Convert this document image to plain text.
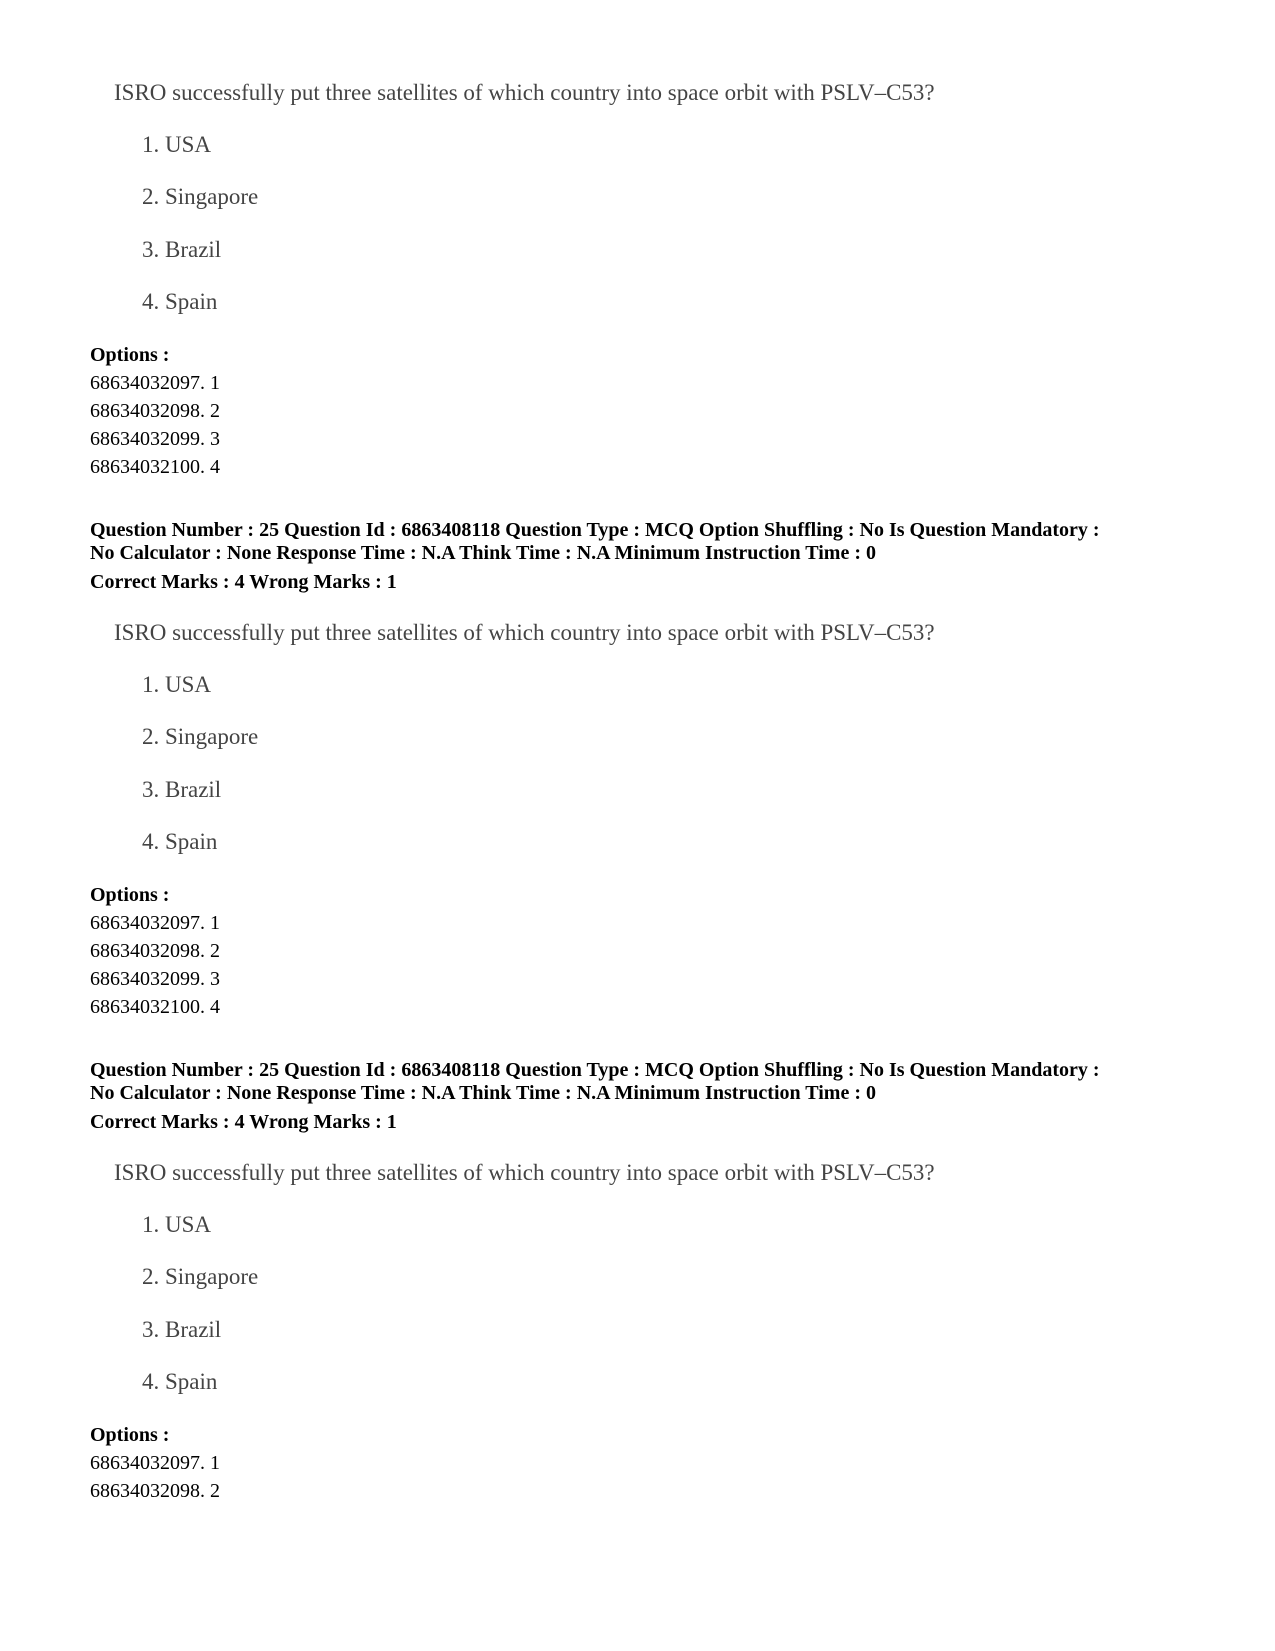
ISRO successfully put three satellites of which country into space orbit with PSLV–C53?
1. USA
2. Singapore
3. Brazil
4. Spain
Options :
68634032097. 1
68634032098. 2
68634032099. 3
68634032100. 4
Question Number : 25 Question Id : 6863408118 Question Type : MCQ Option Shuffling : No Is Question Mandatory :
No Calculator : None Response Time : N.A Think Time : N.A Minimum Instruction Time : 0
Correct Marks : 4 Wrong Marks : 1
ISRO successfully put three satellites of which country into space orbit with PSLV–C53?
1. USA
2. Singapore
3. Brazil
4. Spain
Options :
68634032097. 1
68634032098. 2
68634032099. 3
68634032100. 4
Question Number : 25 Question Id : 6863408118 Question Type : MCQ Option Shuffling : No Is Question Mandatory :
No Calculator : None Response Time : N.A Think Time : N.A Minimum Instruction Time : 0
Correct Marks : 4 Wrong Marks : 1
ISRO successfully put three satellites of which country into space orbit with PSLV–C53?
1. USA
2. Singapore
3. Brazil
4. Spain
Options :
68634032097. 1
68634032098. 2
